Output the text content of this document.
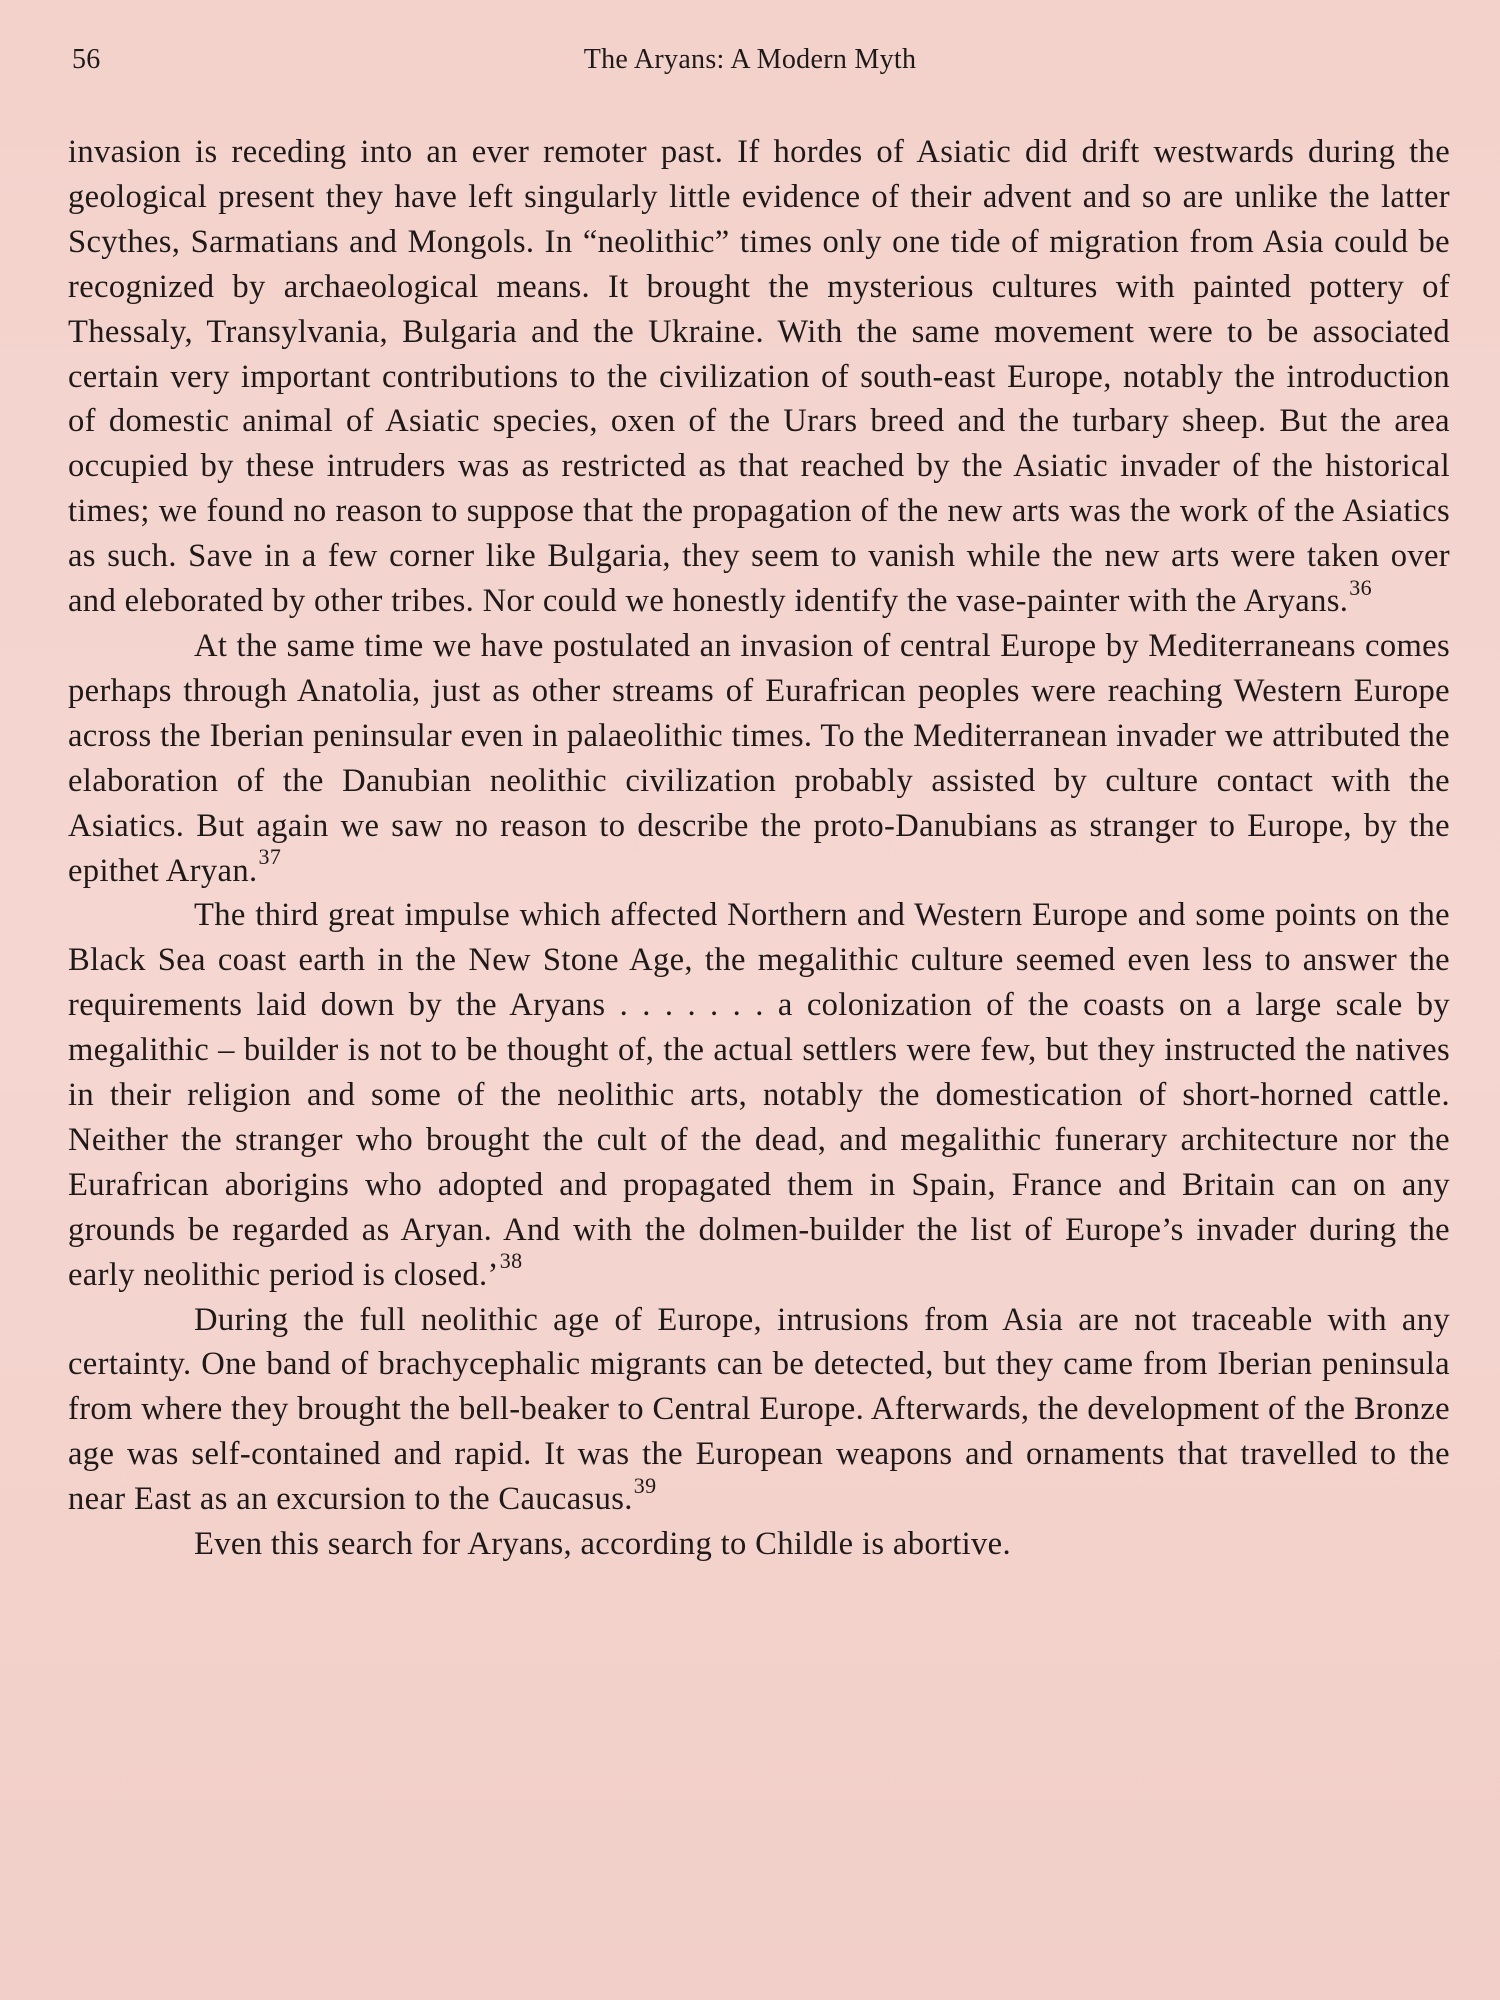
56	The Aryans: A Modern Myth

invasion is receding into an ever remoter past. If hordes of Asiatic did drift westwards during the geological present they have left singularly little evidence of their advent and so are unlike the latter Scythes, Sarmatians and Mongols. In “neolithic” times only one tide of migration from Asia could be recognized by archaeological means. It brought the mysterious cultures with painted pottery of Thessaly, Transylvania, Bulgaria and the Ukraine. With the same movement were to be associated certain very important contributions to the civilization of south-east Europe, notably the introduction of domestic animal of Asiatic species, oxen of the Urars breed and the turbary sheep. But the area occupied by these intruders was as restricted as that reached by the Asiatic invader of the historical times; we found no reason to suppose that the propagation of the new arts was the work of the Asiatics as such. Save in a few corner like Bulgaria, they seem to vanish while the new arts were taken over and eleborated by other tribes. Nor could we honestly identify the vase-painter with the Aryans.$^{36}$

At the same time we have postulated an invasion of central Europe by Mediterraneans comes perhaps through Anatolia, just as other streams of Eurafrican peoples were reaching Western Europe across the Iberian peninsular even in palaeolithic times. To the Mediterranean invader we attributed the elaboration of the Danubian neolithic civilization probably assisted by culture contact with the Asiatics. But again we saw no reason to describe the proto-Danubians as stranger to Europe, by the epithet Aryan.$^{37}$

The third great impulse which affected Northern and Western Europe and some points on the Black Sea coast earth in the New Stone Age, the megalithic culture seemed even less to answer the requirements laid down by the Aryans . . . . . . . a colonization of the coasts on a large scale by megalithic – builder is not to be thought of, the actual settlers were few, but they instructed the natives in their religion and some of the neolithic arts, notably the domestication of short-horned cattle. Neither the stranger who brought the cult of the dead, and megalithic funerary architecture nor the Eurafrican aborigins who adopted and propagated them in Spain, France and Britain can on any grounds be regarded as Aryan. And with the dolmen-builder the list of Europe’s invader during the early neolithic period is closed.’$^{38}$

During the full neolithic age of Europe, intrusions from Asia are not traceable with any certainty. One band of brachycephalic migrants can be detected, but they came from Iberian peninsula from where they brought the bell-beaker to Central Europe. Afterwards, the development of the Bronze age was self-contained and rapid. It was the European weapons and ornaments that travelled to the near East as an excursion to the Caucasus.$^{39}$

Even this search for Aryans, according to Childle is abortive.
